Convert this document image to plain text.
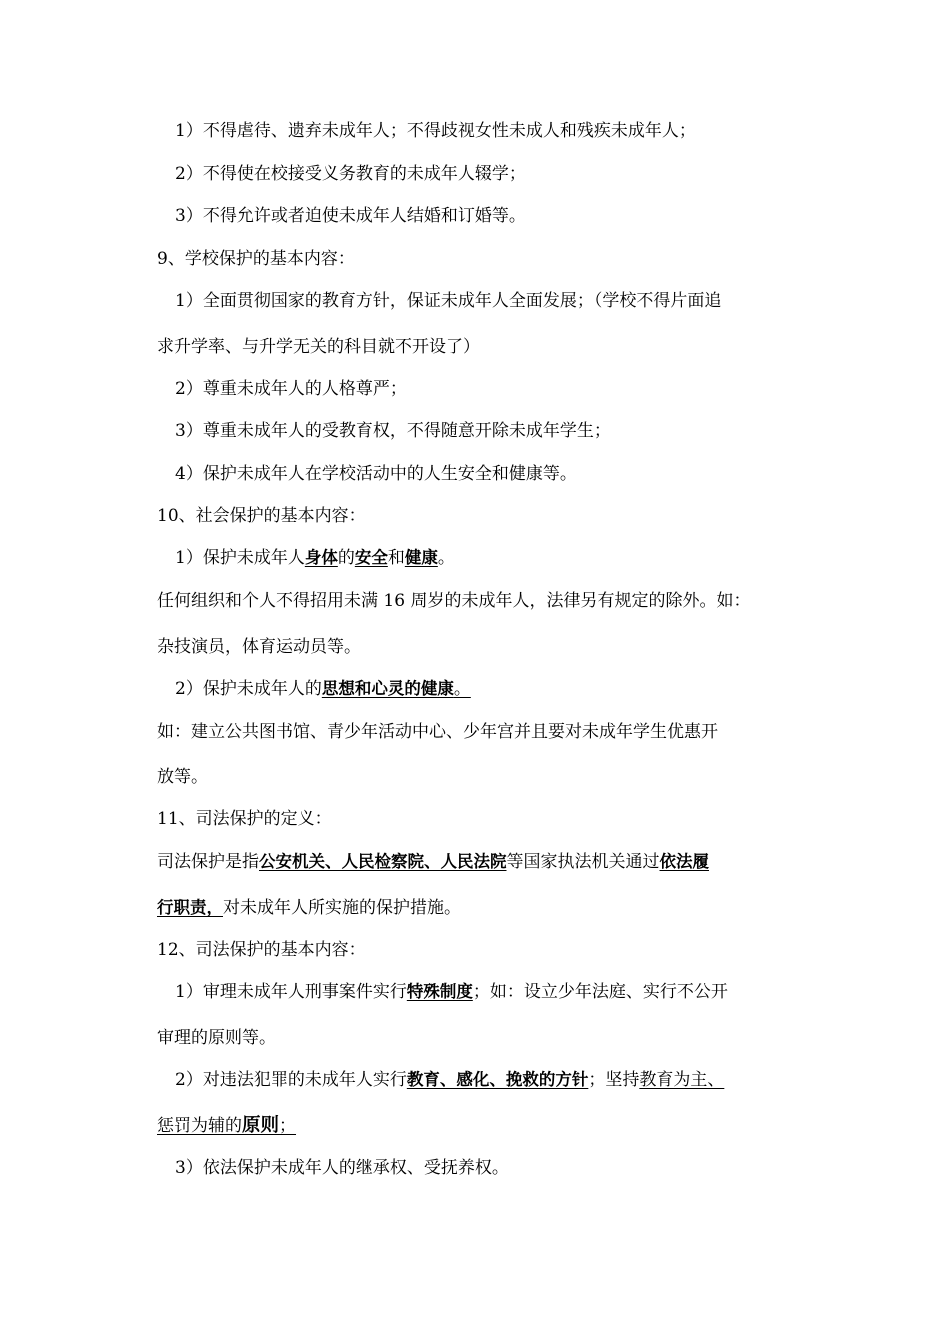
1）不得虐待、遗弃未成年人；不得歧视女性未成人和残疾未成年人；
2）不得使在校接受义务教育的未成年人辍学；
3）不得允许或者迫使未成年人结婚和订婚等。
9、学校保护的基本内容：
1）全面贯彻国家的教育方针，保证未成年人全面发展；（学校不得片面追
求升学率、与升学无关的科目就不开设了）
2）尊重未成年人的人格尊严；
3）尊重未成年人的受教育权，不得随意开除未成年学生；
4）保护未成年人在学校活动中的人生安全和健康等。
10、社会保护的基本内容：
1）保护未成年人身体的安全和健康。
任何组织和个人不得招用未满 16 周岁的未成年人，法律另有规定的除外。如：
杂技演员，体育运动员等。
2）保护未成年人的思想和心灵的健康。
如：建立公共图书馆、青少年活动中心、少年宫并且要对未成年学生优惠开
放等。
11、司法保护的定义：
司法保护是指公安机关、人民检察院、人民法院等国家执法机关通过依法履
行职责，对未成年人所实施的保护措施。
12、司法保护的基本内容：
1）审理未成年人刑事案件实行特殊制度；如：设立少年法庭、实行不公开
审理的原则等。
2）对违法犯罪的未成年人实行教育、感化、挽救的方针；坚持教育为主、
惩罚为辅的原则；
3）依法保护未成年人的继承权、受抚养权。
